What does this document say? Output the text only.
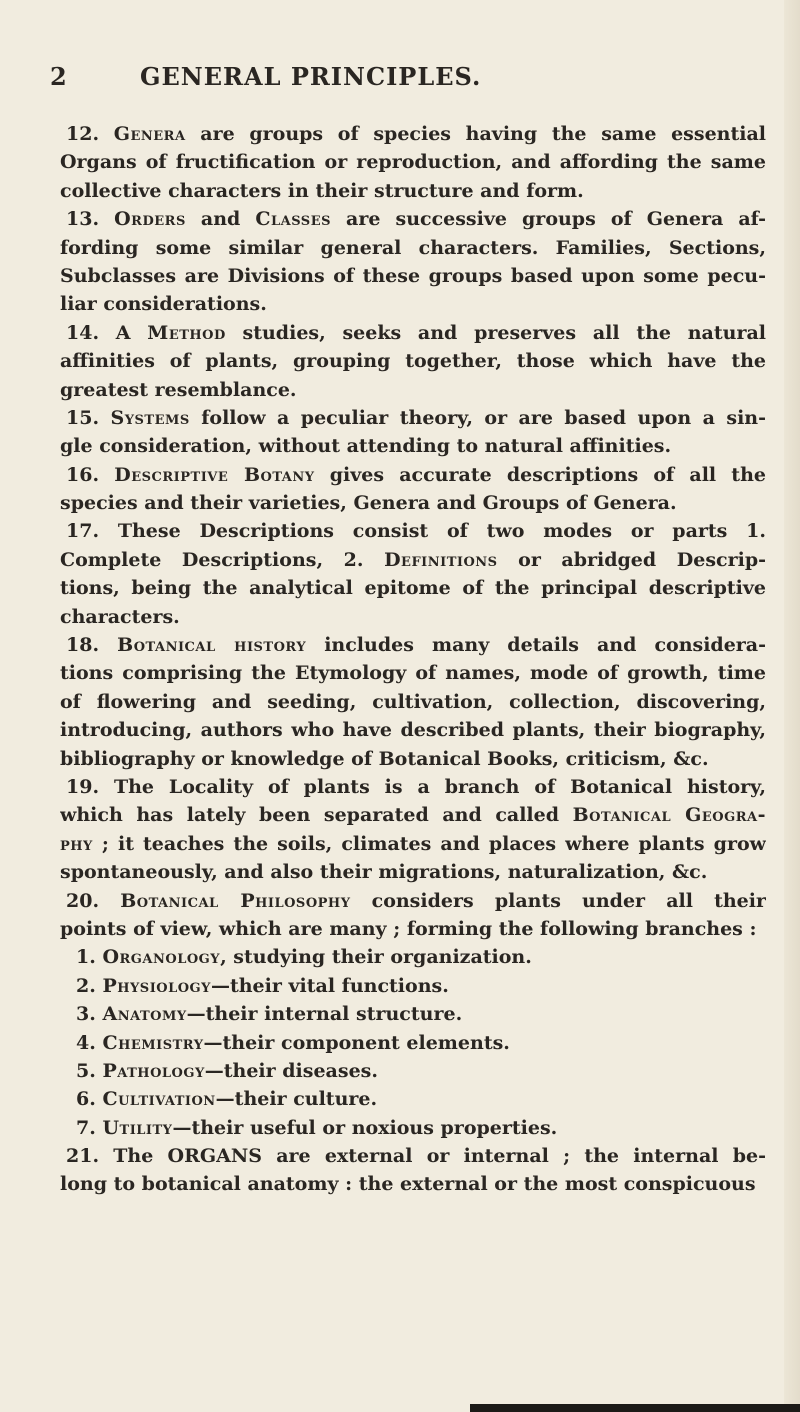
2	GENERAL PRINCIPLES.
12. Genera are groups of species having the same essential
Organs of fructification or reproduction, and affording the same
collective characters in their structure and form.
13. Orders and Classes are successive groups of Genera af-
fording some similar general characters. Families, Sections,
Subclasses are Divisions of these groups based upon some pecu-
liar considerations.
14. A Method studies, seeks and preserves all the natural
affinities of plants, grouping together, those which have the
greatest resemblance.
15. Systems follow a peculiar theory, or are based upon a sin-
gle consideration, without attending to natural affinities.
16. Descriptive Botany gives accurate descriptions of all the
species and their varieties, Genera and Groups of Genera.
17. These Descriptions consist of two modes or parts 1.
Complete Descriptions, 2. Definitions or abridged Descrip-
tions, being the analytical epitome of the principal descriptive
characters.
18. Botanical history includes many details and considera-
tions comprising the Etymology of names, mode of growth, time
of flowering and seeding, cultivation, collection, discovering,
introducing, authors who have described plants, their biography,
bibliography or knowledge of Botanical Books, criticism, &c.
19. The Locality of plants is a branch of Botanical history,
which has lately been separated and called Botanical Geogra-
phy ; it teaches the soils, climates and places where plants grow
spontaneously, and also their migrations, naturalization, &c.
20. Botanical Philosophy considers plants under all their
points of view, which are many ; forming the following branches :
1. Organology, studying their organization.
2. Physiology—their vital functions.
3. Anatomy—their internal structure.
4. Chemistry—their component elements.
5. Pathology—their diseases.
6. Cultivation—their culture.
7. Utility—their useful or noxious properties.
21. The ORGANS are external or internal ; the internal be-
long to botanical anatomy : the external or the most conspicuous
